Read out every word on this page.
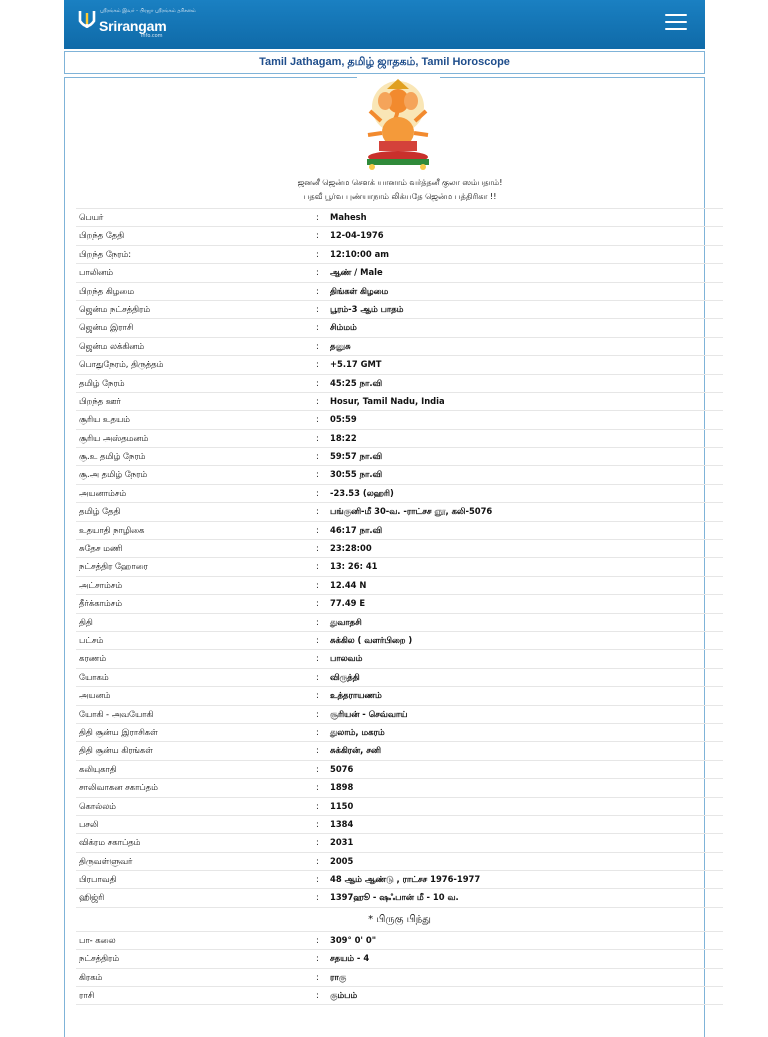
ஸ்ரீரங்கம் இவர் - பிரஜா ஸ்ரீரங்கம் தரிசனம்
Srirangam
info.com
Tamil Jathagam, தமிழ் ஜாதகம், Tamil Horoscope
ஜனனீ ஜென்ம சௌக் யானாம் வர்த்தனீ குலா ஸம்பதாம்!
பதவீ பூர்வ புண்யாநாம் லிக்யதே ஜென்ம பத்திரிகா !!
பெயர்	: Mahesh
பிறந்த தேதி	: 12-04-1976
பிறந்த நேரம்:	: 12:10:00 am
பாலினம்	: ஆண் / Male
பிறந்த கிழமை	: திங்கள் கிழமை
ஜென்ம நட்சத்திரம்	: பூரம்-3 ஆம் பாதம்
ஜென்ம இராசி	: சிம்மம்
ஜென்ம லக்கினம்	: தனுசு
பொதுநேரம், திருத்தம்	: +5.17 GMT
தமிழ் நேரம்	: 45:25 நா.வி
பிறந்த ஊர்	: Hosur, Tamil Nadu, India
சூரிய உதயம்	: 05:59
சூரிய அஸ்தமனம்	: 18:22
சூ.உ தமிழ் நேரம்	: 59:57 நா.வி
சூ.அ தமிழ் நேரம்	: 30:55 நா.வி
அயனாம்சம்	: -23.53 (லஹரி)
தமிழ் தேதி	: பங்குனி-மீ 30-வ. -ராட்சச ஞூ, கலி-5076
உதயாதி நாழிகை	: 46:17 நா.வி
சுதேச மணி	: 23:28:00
நட்சத்திர ஹோரை	: 13: 26: 41
அட்சாம்சம்	: 12.44 N
தீர்க்காம்சம்	: 77.49 E
திதி	: துவாதசி
பட்சம்	: சுக்கில ( வளர்பிறை )
கரணம்	: பாலவம்
யோகம்	: விருத்தி
அயனம்	: உத்தராயணம்
யோகி - அவயோகி	: சூரியன் - செவ்வாய்
திதி சூன்ய இராசிகள்	: துலாம், மகரம்
திதி சூன்ய கிரங்கள்	: சுக்கிரன், சனி
கலியுகாதி	: 5076
சாலிவாகன சகாப்தம்	: 1898
கொல்லம்	: 1150
பசலி	: 1384
விக்ரம சகாப்தம்	: 2031
திருவள்ளுவர்	: 2005
பிரபாவதி	: 48 ஆம் ஆண்டு , ராட்சச 1976-1977
ஹிஜ்ரி	: 1397ஹூ - ஷஃபான் மீ - 10 வ.
* பிருகு பிந்து
பா- கலை	: 309° 0' 0"
நட்சத்திரம்	: சதயம் - 4
கிரகம்	: ராகு
ராசி	: கும்பம்
